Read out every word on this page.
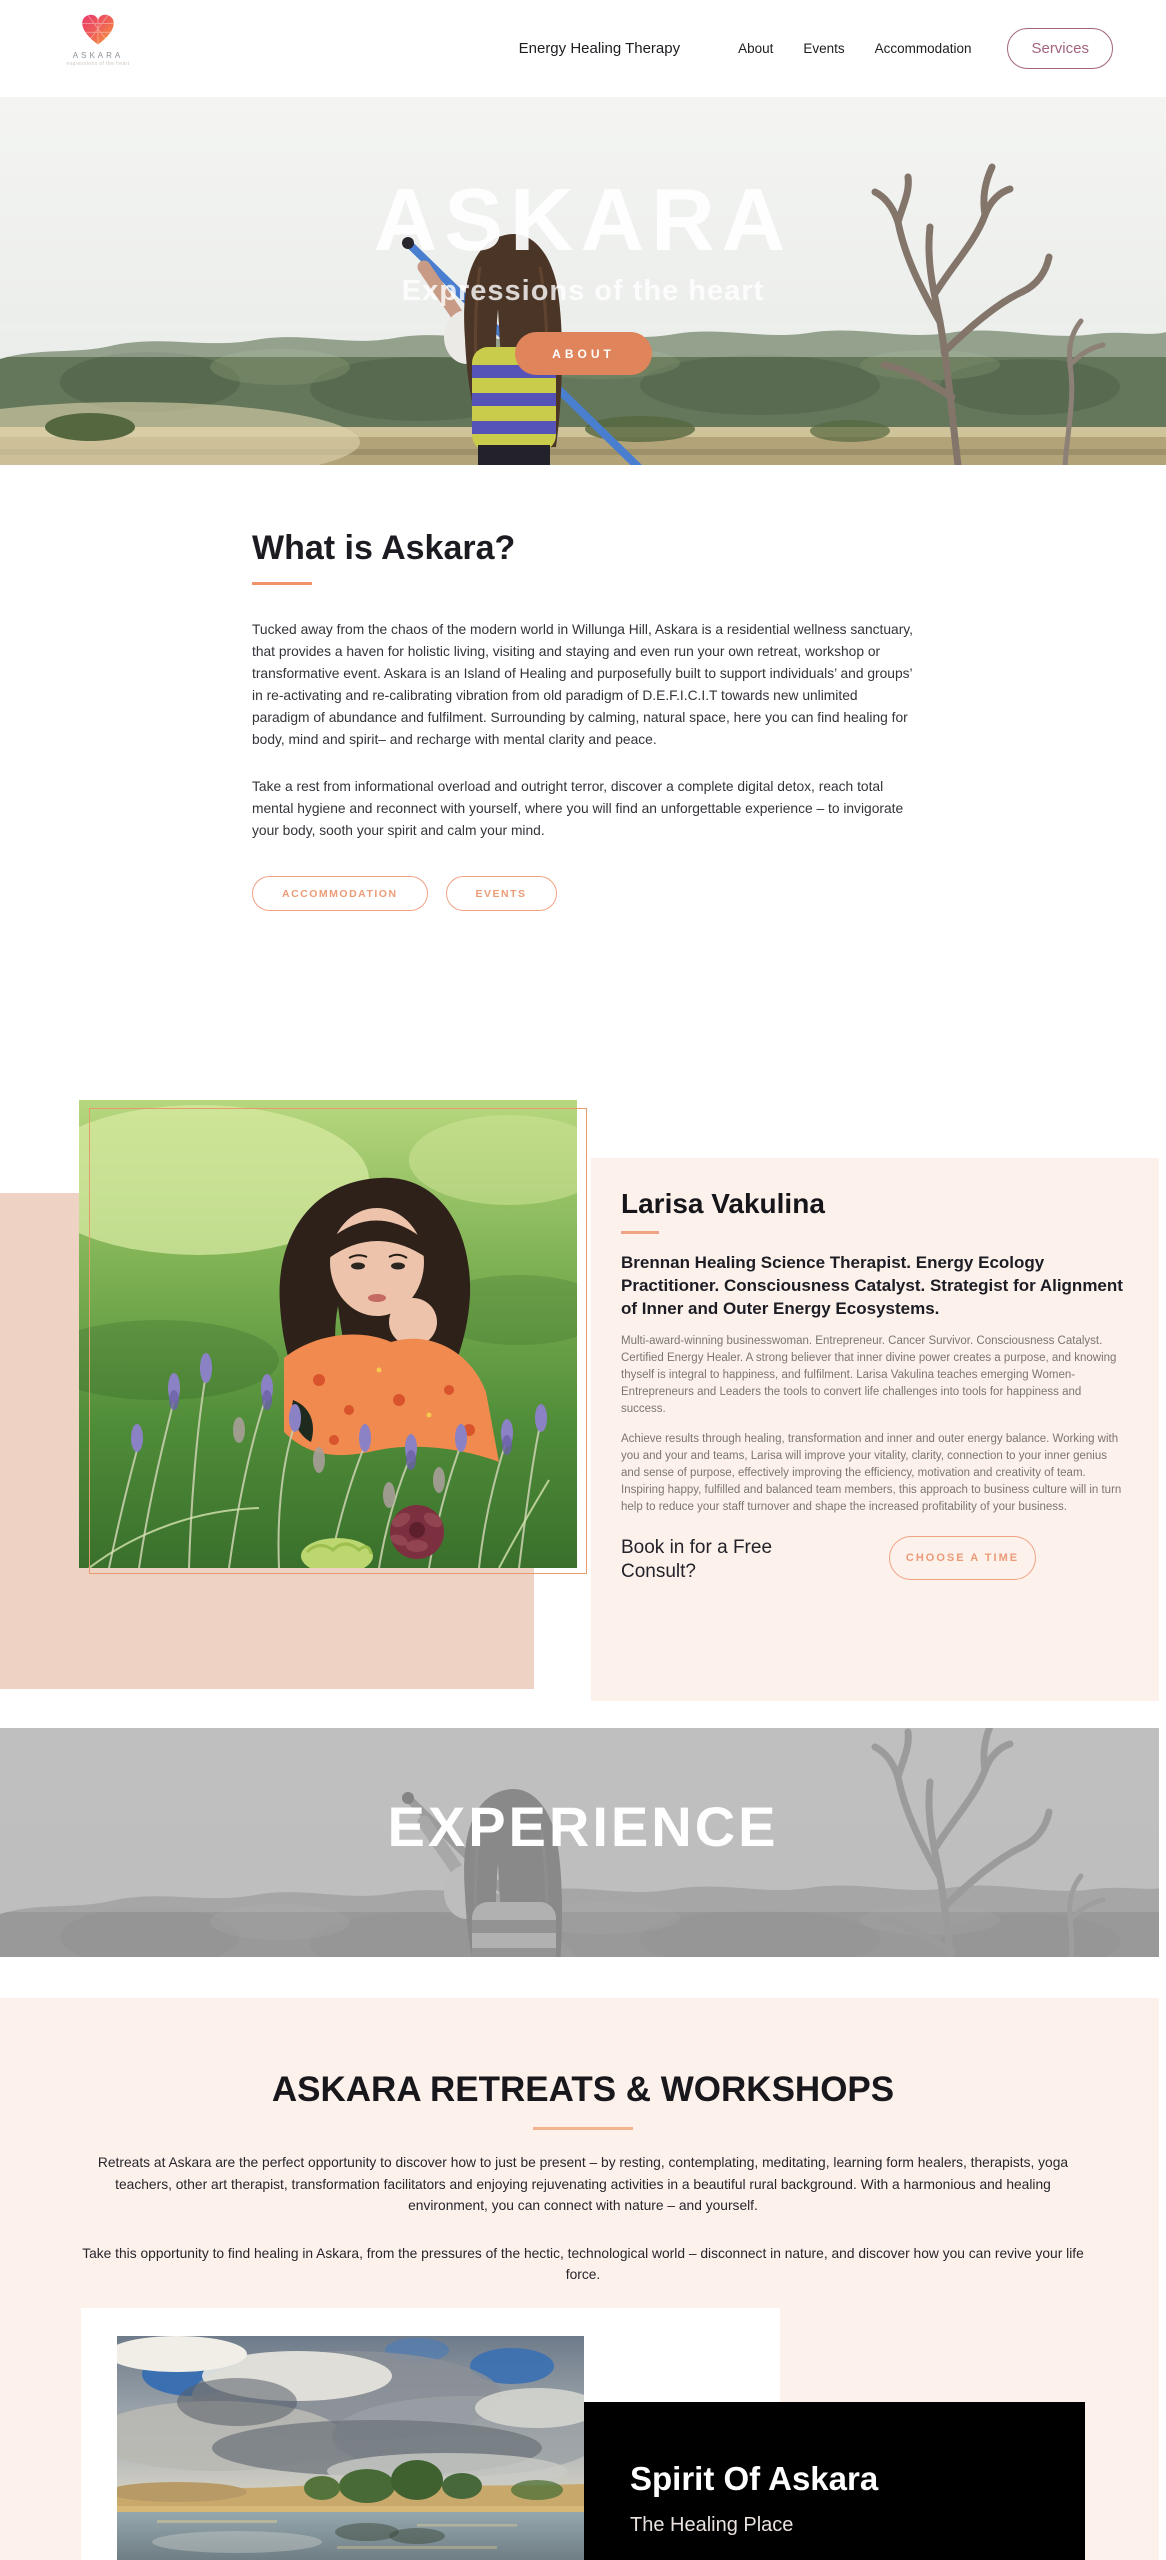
ASKARA
expressions of the heart
Energy Healing Therapy	About Events Accommodation	Services
ASKARA
Expressions of the heart
ABOUT
What is Askara?

Tucked away from the chaos of the modern world in Willunga Hill, Askara is a residential wellness sanctuary, that provides a haven for holistic living, visiting and staying and even run your own retreat, workshop or transformative event. Askara is an Island of Healing and purposefully built to support individuals’ and groups’ in re-activating and re-calibrating vibration from old paradigm of D.E.F.I.C.I.T towards new unlimited paradigm of abundance and fulfilment. Surrounding by calming, natural space, here you can find healing for body, mind and spirit– and recharge with mental clarity and peace.

Take a rest from informational overload and outright terror, discover a complete digital detox, reach total mental hygiene and reconnect with yourself, where you will find an unforgettable experience – to invigorate your body, sooth your spirit and calm your mind.

ACCOMMODATION	EVENTS
Larisa Vakulina
Brennan Healing Science Therapist. Energy Ecology Practitioner. Consciousness Catalyst. Strategist for Alignment of Inner and Outer Energy Ecosystems.

Multi-award-winning businesswoman. Entrepreneur. Cancer Survivor. Consciousness Catalyst. Certified Energy Healer. A strong believer that inner divine power creates a purpose, and knowing thyself is integral to happiness, and fulfilment. Larisa Vakulina teaches emerging Women-Entrepreneurs and Leaders the tools to convert life challenges into tools for happiness and success.

Achieve results through healing, transformation and inner and outer energy balance. Working with you and your and teams, Larisa will improve your vitality, clarity, connection to your inner genius and sense of purpose, effectively improving the efficiency, motivation and creativity of team. Inspiring happy, fulfilled and balanced team members, this approach to business culture will in turn help to reduce your staff turnover and shape the increased profitability of your business.

Book in for a Free Consult?
CHOOSE A TIME
EXPERIENCE
ASKARA RETREATS & WORKSHOPS

Retreats at Askara are the perfect opportunity to discover how to just be present – by resting, contemplating, meditating, learning form healers, therapists, yoga teachers, other art therapist, transformation facilitators and enjoying rejuvenating activities in a beautiful rural background. With a harmonious and healing environment, you can connect with nature – and yourself.

Take this opportunity to find healing in Askara, from the pressures of the hectic, technological world – disconnect in nature, and discover how you can revive your life force.

Spirit Of Askara
The Healing Place
